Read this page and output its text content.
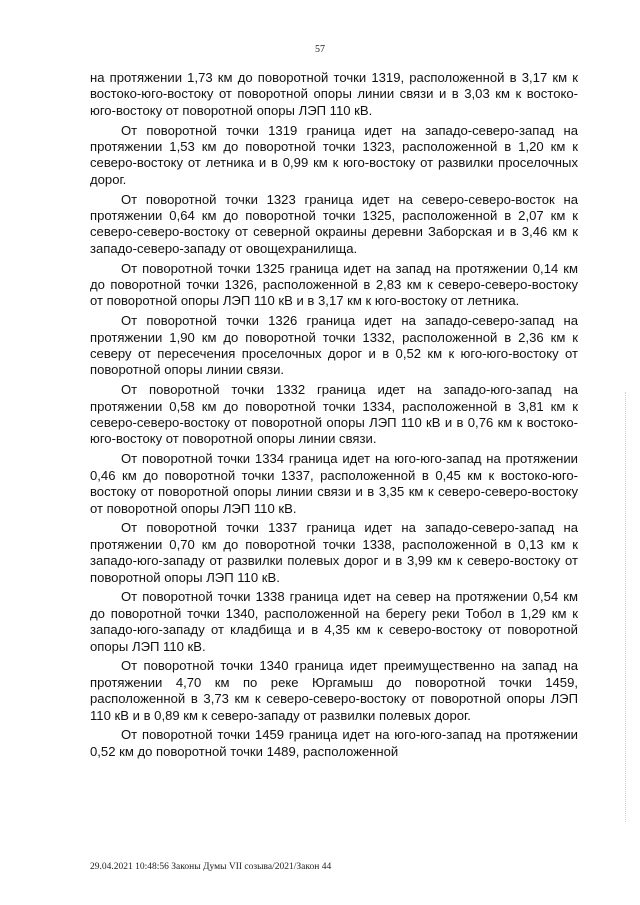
57

на протяжении 1,73 км до поворотной точки 1319, расположенной в 3,17 км к востоко-юго-востоку от поворотной опоры линии связи и в 3,03 км к востоко-юго-востоку от поворотной опоры ЛЭП 110 кВ.

От поворотной точки 1319 граница идет на западо-северо-запад на протяжении 1,53 км до поворотной точки 1323, расположенной в 1,20 км к северо-востоку от летника и в 0,99 км к юго-востоку от развилки проселочных дорог.

От поворотной точки 1323 граница идет на северо-северо-восток на протяжении 0,64 км до поворотной точки 1325, расположенной в 2,07 км к северо-северо-востоку от северной окраины деревни Заборская и в 3,46 км к западо-северо-западу от овощехранилища.

От поворотной точки 1325 граница идет на запад на протяжении 0,14 км до поворотной точки 1326, расположенной в 2,83 км к северо-северо-востоку от поворотной опоры ЛЭП 110 кВ и в 3,17 км к юго-востоку от летника.

От поворотной точки 1326 граница идет на западо-северо-запад на протяжении 1,90 км до поворотной точки 1332, расположенной в 2,36 км к северу от пересечения проселочных дорог и в 0,52 км к юго-юго-востоку от поворотной опоры линии связи.

От поворотной точки 1332 граница идет на западо-юго-запад на протяжении 0,58 км до поворотной точки 1334, расположенной в 3,81 км к северо-северо-востоку от поворотной опоры ЛЭП 110 кВ и в 0,76 км к востоко-юго-востоку от поворотной опоры линии связи.

От поворотной точки 1334 граница идет на юго-юго-запад на протяжении 0,46 км до поворотной точки 1337, расположенной в 0,45 км к востоко-юго-востоку от поворотной опоры линии связи и в 3,35 км к северо-северо-востоку от поворотной опоры ЛЭП 110 кВ.

От поворотной точки 1337 граница идет на западо-северо-запад на протяжении 0,70 км до поворотной точки 1338, расположенной в 0,13 км к западо-юго-западу от развилки полевых дорог и в 3,99 км к северо-востоку от поворотной опоры ЛЭП 110 кВ.

От поворотной точки 1338 граница идет на север на протяжении 0,54 км до поворотной точки 1340, расположенной на берегу реки Тобол в 1,29 км к западо-юго-западу от кладбища и в 4,35 км к северо-востоку от поворотной опоры ЛЭП 110 кВ.

От поворотной точки 1340 граница идет преимущественно на запад на протяжении 4,70 км по реке Юргамыш до поворотной точки 1459, расположенной в 3,73 км к северо-северо-востоку от поворотной опоры ЛЭП 110 кВ и в 0,89 км к северо-западу от развилки полевых дорог.

От поворотной точки 1459 граница идет на юго-юго-запад на протяжении 0,52 км до поворотной точки 1489, расположенной

29.04.2021 10:48:56 Законы Думы VII созыва/2021/Закон 44
